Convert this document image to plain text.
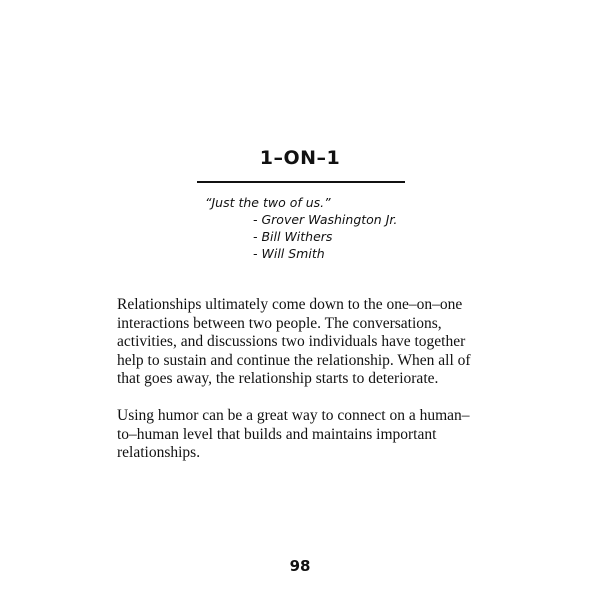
1–ON–1
“Just the two of us.”
- Grover Washington Jr.
- Bill Withers
- Will Smith

Relationships ultimately come down to the one–on–one interactions between two people. The conversations, activities, and discussions two individuals have together help to sustain and continue the relationship. When all of that goes away, the relationship starts to deteriorate.

Using humor can be a great way to connect on a human–to–human level that builds and maintains important relationships.

98
